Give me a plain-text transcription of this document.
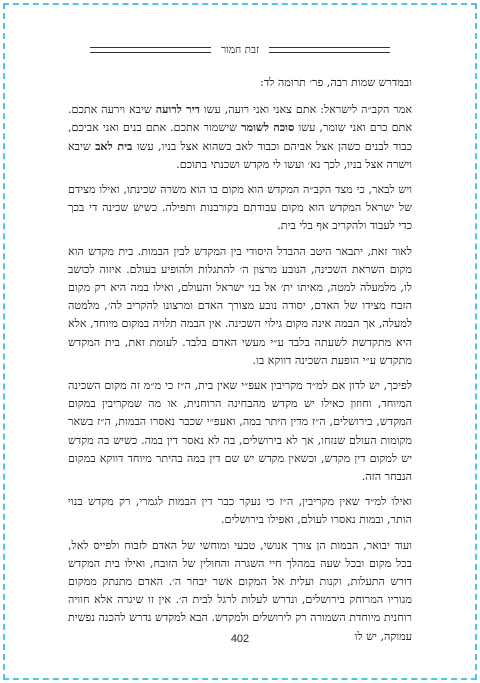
זבת חמור

ובמדרש שמות רבה, פר׳ תרומה לד:

אמר הקב״ה לישראל: אתם צאני ואני רועה, עשו דיר לרועה שיבא וירעה אתכם. אתם כרם ואני שומר, עשו סוכה לשומר שישמור אתכם. אתם בנים ואני אביכם, כבוד לבנים כשהן אצל אביהם וכבוד לאב כשהוא אצל בניו, עשו בית לאב שיבא וישרה אצל בניו, לכך נא׳ ועשו לי מקדש ושכנתי בתוכם.

ויש לבאר, כי מצד הקב״ה המקדש הוא מקום בו הוא משרה שכינתו, ואילו מצידם של ישראל המקדש הוא מקום עבודתם בקורבנות ותפילה. כשיש שכינה די בכך כדי לעבוד ולהקריב אף בלי בית.

לאור זאת, יתבאר היטב ההבדל היסודי בין המקדש לבין הבמות. בית מקדש הוא מקום השראת השכינה, הנובע מרצון ה׳ להתגלות ולהופיע בעולם. איזוה לכושב לו, מלמעלה למטה, מאיתו ית׳ אל בני ישראל והעולם, ואילו במה היא רק מקום הזבח מצידו של האדם, יסודה נובע מצורך האדם ומרצונו להקריב לה׳, מלמטה למעלה, אך הבמה אינה מקום גילוי השכינה. אין הבמה תלויה במקום מיוחד, אלא היא מתקדשת לשעתה בלבד ע״י מעשי האדם בלבד. לעומת זאת, בית המקדש מתקדש ע״י הופעת השכינה דווקא בו.

לפיכך, יש לדון אם למ״ד מקריבין אעפ״י שאין בית, ה״ז כי מ״מ זה מקום השכינה המיוחד, וחוזון כאילו יש מקדש מהבחינה הרוחנית, או מה שמקריבין במקום המקדש, בירושלים, ה״ז מדין היתר במה, ואעפ״י שכבר נאסרו הבמות, ה״ז בשאר מקומות העולם שנזחו, אך לא בירושלים, בה לא נאסר דין במה. כשיש בה מקדש יש למקום דין מקדש, וכשאין מקדש יש שם דין במה בהיתר מיוחד דווקא במקום הנבחר הזה.

ואילו למ״ד שאין מקריבין, ה״ז כי נעקר כבר דין הבמות לגמרי, רק מקדש בנוי הותר, ובמות נאסרו לעולם, ואפילו בירושלים.

ועוד יבואר, הבמות הן צורך אנושי, טבעי ומוחשי של האדם לזבוח ולפייס לאל, בכל מקום ובכל שעה במהלך חיי השגרה והחולין של הזובח, ואילו בית המקדש דורש התעלות, וקנות ועלית אל המקום אשר יבחר ה׳. האדם מתנתק ממקום מגוריו המרוחק בירושלים, ונדרש לעלות לרגל לבית ה׳. אין זו שיגרה אלא חוויה רוחנית מיוחדת השמורה רק לירושלים ולמקדש. הבא למקדש נדרש להכנה נפשית עמוקה, יש לו

402
